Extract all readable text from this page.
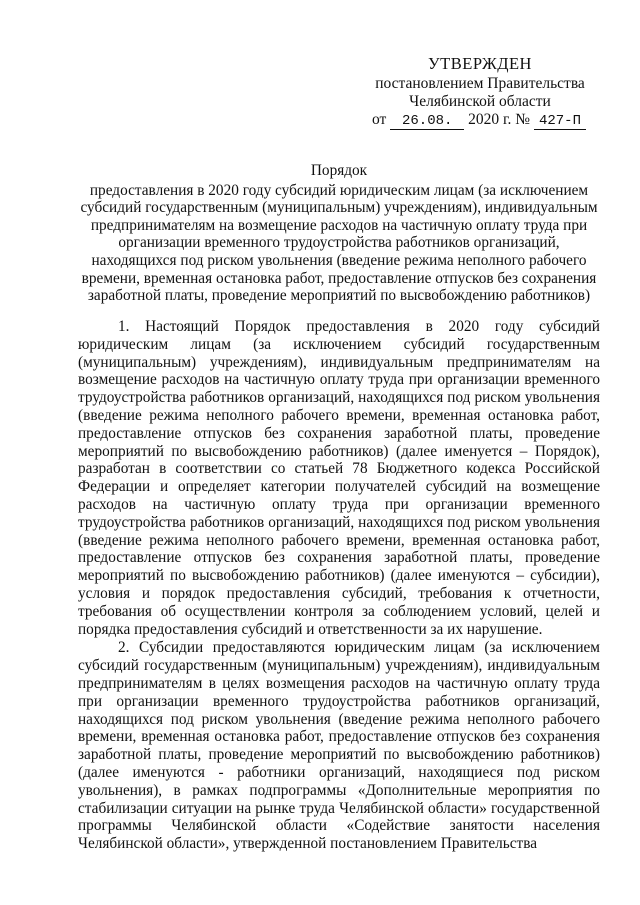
УТВЕРЖДЕН
постановлением Правительства
Челябинской области
от 26.08. 2020 г. № 427-П
Порядок
предоставления в 2020 году субсидий юридическим лицам (за исключением субсидий государственным (муниципальным) учреждениям), индивидуальным предпринимателям на возмещение расходов на частичную оплату труда при организации временного трудоустройства работников организаций, находящихся под риском увольнения (введение режима неполного рабочего времени, временная остановка работ, предоставление отпусков без сохранения заработной платы, проведение мероприятий по высвобождению работников)

1. Настоящий Порядок предоставления в 2020 году субсидий юридическим лицам (за исключением субсидий государственным (муниципальным) учреждениям), индивидуальным предпринимателям на возмещение расходов на частичную оплату труда при организации временного трудоустройства работников организаций, находящихся под риском увольнения (введение режима неполного рабочего времени, временная остановка работ, предоставление отпусков без сохранения заработной платы, проведение мероприятий по высвобождению работников) (далее именуется – Порядок), разработан в соответствии со статьей 78 Бюджетного кодекса Российской Федерации и определяет категории получателей субсидий на возмещение расходов на частичную оплату труда при организации временного трудоустройства работников организаций, находящихся под риском увольнения (введение режима неполного рабочего времени, временная остановка работ, предоставление отпусков без сохранения заработной платы, проведение мероприятий по высвобождению работников) (далее именуются – субсидии), условия и порядок предоставления субсидий, требования к отчетности, требования об осуществлении контроля за соблюдением условий, целей и порядка предоставления субсидий и ответственности за их нарушение.

2. Субсидии предоставляются юридическим лицам (за исключением субсидий государственным (муниципальным) учреждениям), индивидуальным предпринимателям в целях возмещения расходов на частичную оплату труда при организации временного трудоустройства работников организаций, находящихся под риском увольнения (введение режима неполного рабочего времени, временная остановка работ, предоставление отпусков без сохранения заработной платы, проведение мероприятий по высвобождению работников) (далее именуются - работники организаций, находящиеся под риском увольнения), в рамках подпрограммы «Дополнительные мероприятия по стабилизации ситуации на рынке труда Челябинской области» государственной программы Челябинской области «Содействие занятости населения Челябинской области», утвержденной постановлением Правительства
